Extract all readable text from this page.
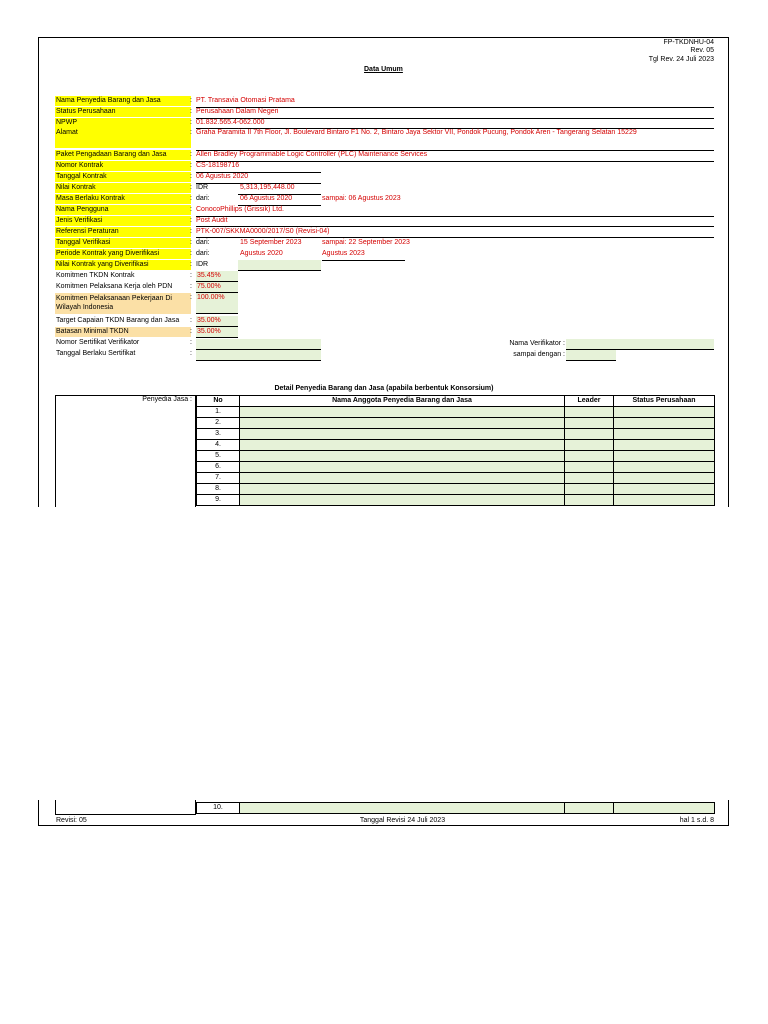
FP-TKDNHU-04
Rev. 05
Tgl Rev. 24 Juli 2023
Data Umum
Nama Penyedia Barang dan Jasa	: PT. Transavia Otomasi Pratama
Status Perusahaan	: Perusahaan Dalam Negeri
NPWP	: 01.832.565.4-062.000
Alamat	: Graha Paramita II 7th Floor, Jl. Boulevard Bintaro F1 No. 2, Bintaro Jaya Sektor VII, Pondok Pucung, Pondok Aren - Tangerang Selatan 15229
Paket Pengadaan Barang dan Jasa	: Allen Bradley Programmable Logic Controller (PLC) Maintenance Services
Nomor Kontrak	: CS-18198716
Tanggal Kontrak	: 06 Agustus 2020
Nilai Kontrak	: IDR	5,313,195,448.00
Masa Berlaku Kontrak	: dari:	06 Agustus 2020	sampai: 06 Agustus 2023
Nama Pengguna	: ConocoPhillips (Grissik) Ltd.
Jenis Verifikasi	: Post Audit
Referensi Peraturan	: PTK-007/SKKMA0000/2017/S0 (Revisi-04)
Tanggal Verifikasi	: dari:	15 September 2023	sampai: 22 September 2023
Periode Kontrak yang Diverifikasi	: dari:	Agustus 2020	Agustus 2023
Nilai Kontrak yang Diverifikasi	: IDR
Komitmen TKDN Kontrak	: 35.45%
Komitmen Pelaksana Kerja oleh PDN	: 75.00%
Komitmen Pelaksanaan Pekerjaan Di Wilayah Indonesia
: 100.00%
Target Capaian TKDN Barang dan Jasa	: 35.00%
Batasan Minimal TKDN	: 35.00%
Nomor Sertifikat Verifikator	:	Nama Verifikator :
Tanggal Berlaku Sertifikat	:	sampai dengan :
Detail Penyedia Barang dan Jasa (apabila berbentuk Konsorsium)
Penyedia Jasa :	No	Nama Anggota Penyedia Barang dan Jasa	Leader	Status Perusahaan
1.			
2.			
3.			
4.			
5.			
6.			
7.			
8.			
9.			
10.			
Revisi: 05	Tanggal Revisi 24 Juli 2023	hal 1 s.d. 8
